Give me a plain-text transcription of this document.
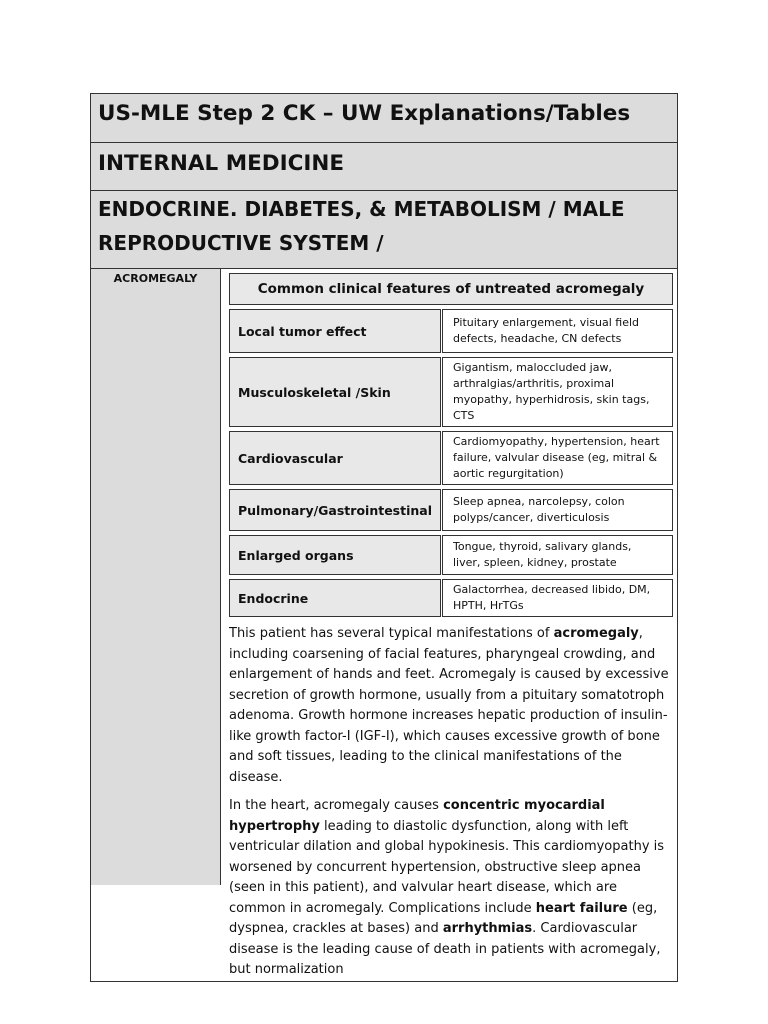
US-MLE Step 2 CK – UW Explanations/Tables
INTERNAL MEDICINE
ENDOCRINE. DIABETES, & METABOLISM / MALE
REPRODUCTIVE SYSTEM /
ACROMEGALY
Common clinical features of untreated acromegaly	
Local tumor effect	Pituitary enlargement, visual field defects, headache, CN defects
Musculoskeletal /Skin	Gigantism, maloccluded jaw, arthralgias/arthritis, proximal myopathy, hyperhidrosis, skin tags, CTS
Cardiovascular	Cardiomyopathy, hypertension, heart failure, valvular disease (eg, mitral & aortic regurgitation)
Pulmonary/Gastrointestinal	Sleep apnea, narcolepsy, colon polyps/cancer, diverticulosis
Enlarged organs	Tongue, thyroid, salivary glands, liver, spleen, kidney, prostate
Endocrine	Galactorrhea, decreased libido, DM, HPTH, HrTGs

This patient has several typical manifestations of acromegaly, including coarsening of facial features, pharyngeal crowding, and enlargement of hands and feet. Acromegaly is caused by excessive secretion of growth hormone, usually from a pituitary somatotroph adenoma. Growth hormone increases hepatic production of insulin-like growth factor-I (IGF-I), which causes excessive growth of bone and soft tissues, leading to the clinical manifestations of the disease.

In the heart, acromegaly causes concentric myocardial hypertrophy leading to diastolic dysfunction, along with left ventricular dilation and global hypokinesis. This cardiomyopathy is worsened by concurrent hypertension, obstructive sleep apnea (seen in this patient), and valvular heart disease, which are common in acromegaly. Complications include heart failure (eg, dyspnea, crackles at bases) and arrhythmias. Cardiovascular disease is the leading cause of death in patients with acromegaly, but normalization
